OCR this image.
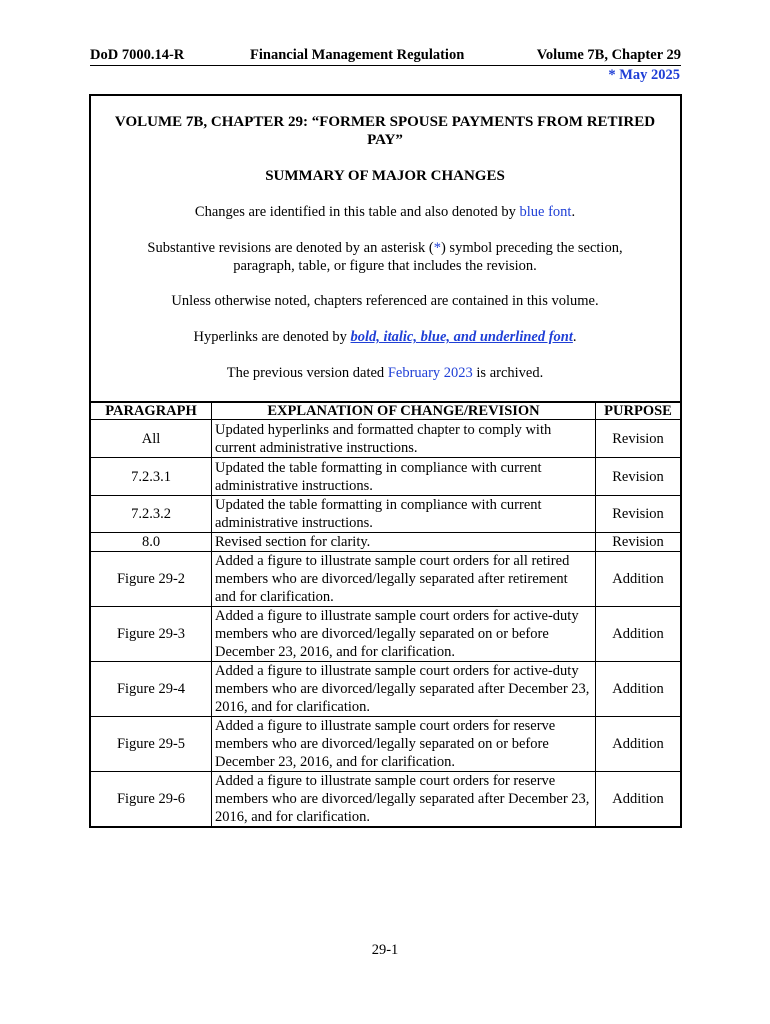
DoD 7000.14-R	Financial Management Regulation	Volume 7B, Chapter 29
* May 2025
VOLUME 7B, CHAPTER 29: “FORMER SPOUSE PAYMENTS FROM RETIRED
PAY”
SUMMARY OF MAJOR CHANGES
Changes are identified in this table and also denoted by blue font.
Substantive revisions are denoted by an asterisk (*) symbol preceding the section,
paragraph, table, or figure that includes the revision.
Unless otherwise noted, chapters referenced are contained in this volume.
Hyperlinks are denoted by bold, italic, blue, and underlined font.
The previous version dated February 2023 is archived.
PARAGRAPH	EXPLANATION OF CHANGE/REVISION	PURPOSE
All	Updated hyperlinks and formatted chapter to comply with current administrative instructions.	Revision
7.2.3.1	Updated the table formatting in compliance with current administrative instructions.	Revision
7.2.3.2	Updated the table formatting in compliance with current administrative instructions.	Revision
8.0	Revised section for clarity.	Revision
Figure 29-2	Added a figure to illustrate sample court orders for all retired members who are divorced/legally separated after retirement and for clarification.	Addition
Figure 29-3	Added a figure to illustrate sample court orders for active-duty members who are divorced/legally separated on or before December 23, 2016, and for clarification.	Addition
Figure 29-4	Added a figure to illustrate sample court orders for active-duty members who are divorced/legally separated after December 23, 2016, and for clarification.	Addition
Figure 29-5	Added a figure to illustrate sample court orders for reserve members who are divorced/legally separated on or before December 23, 2016, and for clarification.	Addition
Figure 29-6	Added a figure to illustrate sample court orders for reserve members who are divorced/legally separated after December 23, 2016, and for clarification.	Addition
29-1
